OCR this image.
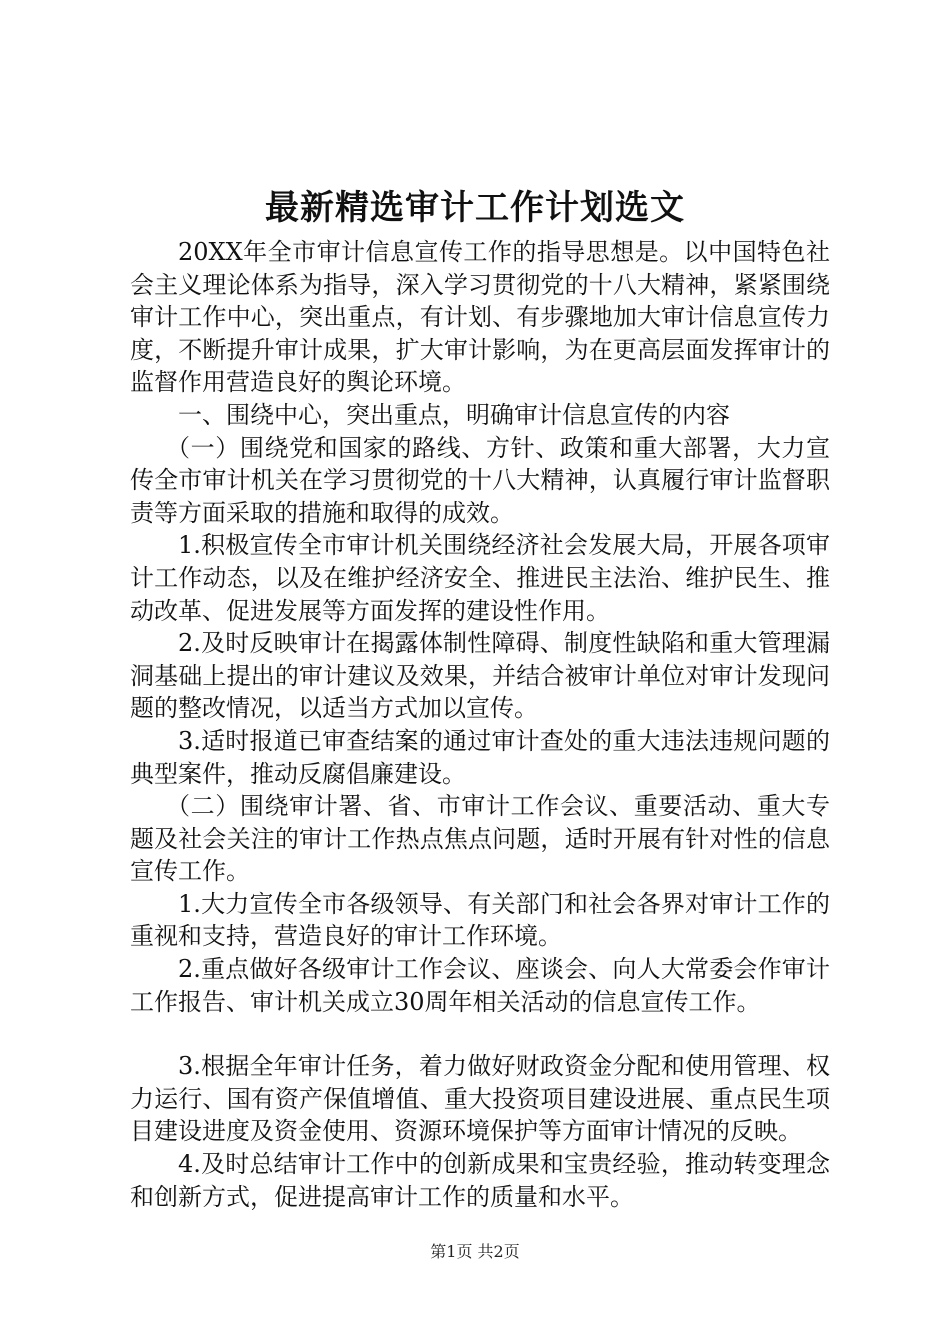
最新精选审计工作计划选文

20XX年全市审计信息宣传工作的指导思想是。以中国特色社会主义理论体系为指导，深入学习贯彻党的十八大精神，紧紧围绕审计工作中心，突出重点，有计划、有步骤地加大审计信息宣传力度，不断提升审计成果，扩大审计影响，为在更高层面发挥审计的监督作用营造良好的舆论环境。

一、围绕中心，突出重点，明确审计信息宣传的内容

（一）围绕党和国家的路线、方针、政策和重大部署，大力宣传全市审计机关在学习贯彻党的十八大精神，认真履行审计监督职责等方面采取的措施和取得的成效。

1.积极宣传全市审计机关围绕经济社会发展大局，开展各项审计工作动态，以及在维护经济安全、推进民主法治、维护民生、推动改革、促进发展等方面发挥的建设性作用。

2.及时反映审计在揭露体制性障碍、制度性缺陷和重大管理漏洞基础上提出的审计建议及效果，并结合被审计单位对审计发现问题的整改情况，以适当方式加以宣传。

3.适时报道已审查结案的通过审计查处的重大违法违规问题的典型案件，推动反腐倡廉建设。

（二）围绕审计署、省、市审计工作会议、重要活动、重大专题及社会关注的审计工作热点焦点问题，适时开展有针对性的信息宣传工作。

1.大力宣传全市各级领导、有关部门和社会各界对审计工作的重视和支持，营造良好的审计工作环境。

2.重点做好各级审计工作会议、座谈会、向人大常委会作审计工作报告、审计机关成立30周年相关活动的信息宣传工作。

3.根据全年审计任务，着力做好财政资金分配和使用管理、权力运行、国有资产保值增值、重大投资项目建设进展、重点民生项目建设进度及资金使用、资源环境保护等方面审计情况的反映。

4.及时总结审计工作中的创新成果和宝贵经验，推动转变理念和创新方式，促进提高审计工作的质量和水平。

第1页 共2页
